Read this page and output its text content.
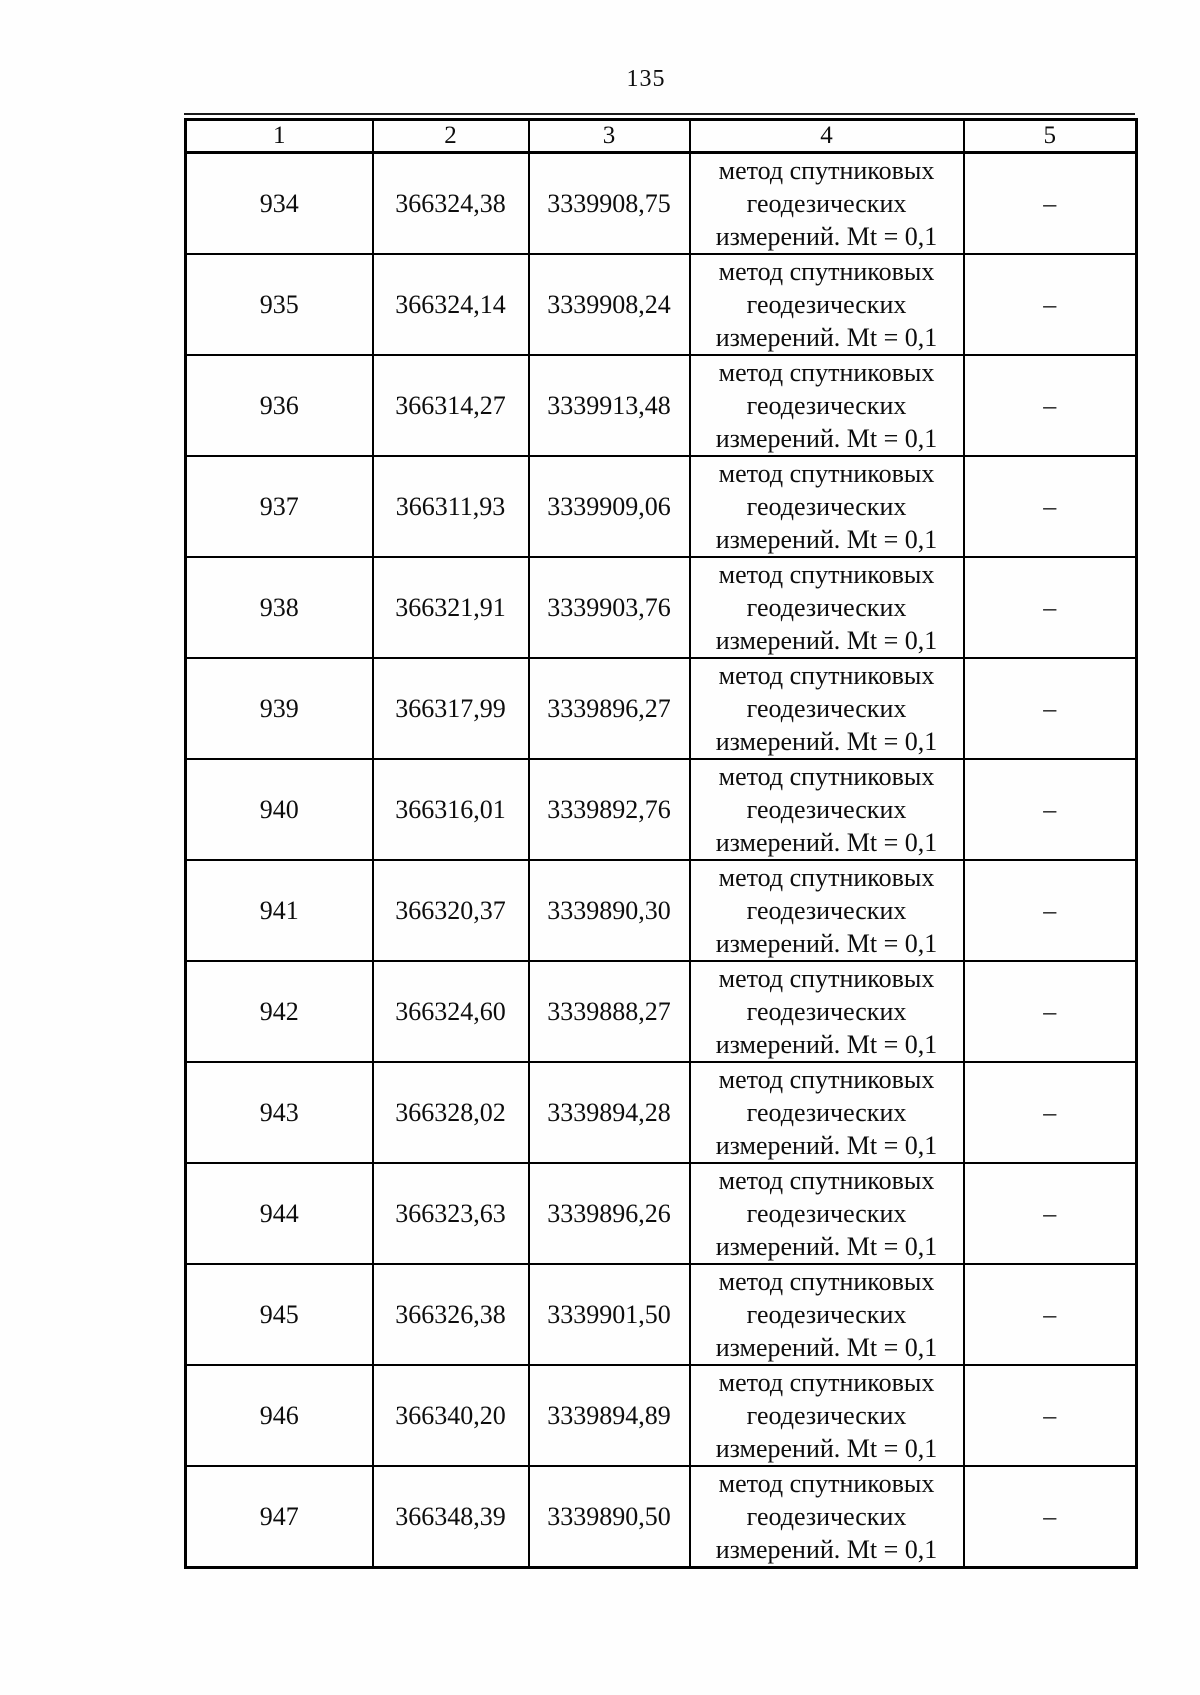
135
1	2	3	4	5
934	366324,38	3339908,75	метод спутниковых
геодезических
измерений. Mt = 0,1	–
935	366324,14	3339908,24	метод спутниковых
геодезических
измерений. Mt = 0,1	–
936	366314,27	3339913,48	метод спутниковых
геодезических
измерений. Mt = 0,1	–
937	366311,93	3339909,06	метод спутниковых
геодезических
измерений. Mt = 0,1	–
938	366321,91	3339903,76	метод спутниковых
геодезических
измерений. Mt = 0,1	–
939	366317,99	3339896,27	метод спутниковых
геодезических
измерений. Mt = 0,1	–
940	366316,01	3339892,76	метод спутниковых
геодезических
измерений. Mt = 0,1	–
941	366320,37	3339890,30	метод спутниковых
геодезических
измерений. Mt = 0,1	–
942	366324,60	3339888,27	метод спутниковых
геодезических
измерений. Mt = 0,1	–
943	366328,02	3339894,28	метод спутниковых
геодезических
измерений. Mt = 0,1	–
944	366323,63	3339896,26	метод спутниковых
геодезических
измерений. Mt = 0,1	–
945	366326,38	3339901,50	метод спутниковых
геодезических
измерений. Mt = 0,1	–
946	366340,20	3339894,89	метод спутниковых
геодезических
измерений. Mt = 0,1	–
947	366348,39	3339890,50	метод спутниковых
геодезических
измерений. Mt = 0,1	–
